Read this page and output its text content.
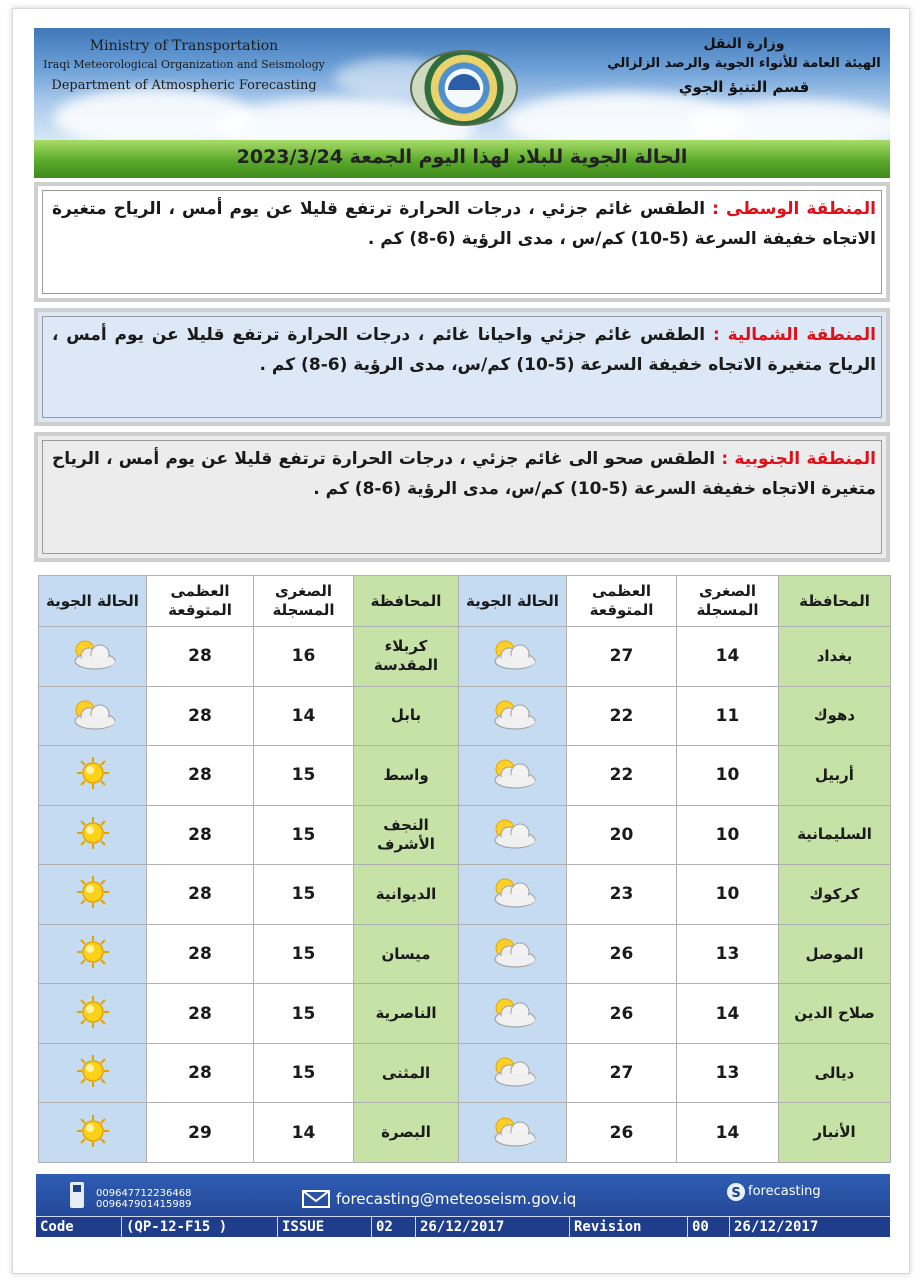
Ministry of Transportation
Iraqi Meteorological Organization and Seismology
Department of Atmospheric Forecasting
وزارة النقل
الهيئة العامة للأنواء الجوية والرصد الزلزالي
قسم التنبؤ الجوي
الحالة الجوية للبلاد لهذا اليوم الجمعة 2023/3/24
المنطقة الوسطى : الطقس غائم جزئي ، درجات الحرارة ترتفع قليلا عن يوم أمس ، الرياح متغيرة الاتجاه خفيفة السرعة (5-10) كم/س ، مدى الرؤية (6-8) كم .
المنطقة الشمالية : الطقس غائم جزئي واحيانا غائم ، درجات الحرارة ترتفع قليلا عن يوم أمس ، الرياح متغيرة الاتجاه خفيفة السرعة (5-10) كم/س، مدى الرؤية (6-8) كم .
المنطقة الجنوبية : الطقس صحو الى غائم جزئي ، درجات الحرارة ترتفع قليلا عن يوم أمس ، الرياح متغيرة الاتجاه خفيفة السرعة (5-10) كم/س، مدى الرؤية (6-8) كم .
الحالة الجوية	العظمى المتوقعة	الصغرى المسجلة	المحافظة	الحالة الجوية	العظمى المتوقعة	الصغرى المسجلة	المحافظة
	28	16	كربلاء المقدسة		27	14	بغداد
	28	14	بابل		22	11	دهوك
	28	15	واسط		22	10	أربيل
	28	15	النجف الأشرف		20	10	السليمانية
	28	15	الديوانية		23	10	كركوك
	28	15	ميسان		26	13	الموصل
	28	15	الناصرية		26	14	صلاح الدين
	28	15	المثنى		27	13	ديالى
	29	14	البصرة		26	14	الأنبار
009647712236468
009647901415989	forecasting@meteoseism.gov.iq	S forecasting
Code	(QP-12-F15 )	ISSUE	02	26/12/2017	Revision	00	26/12/2017
